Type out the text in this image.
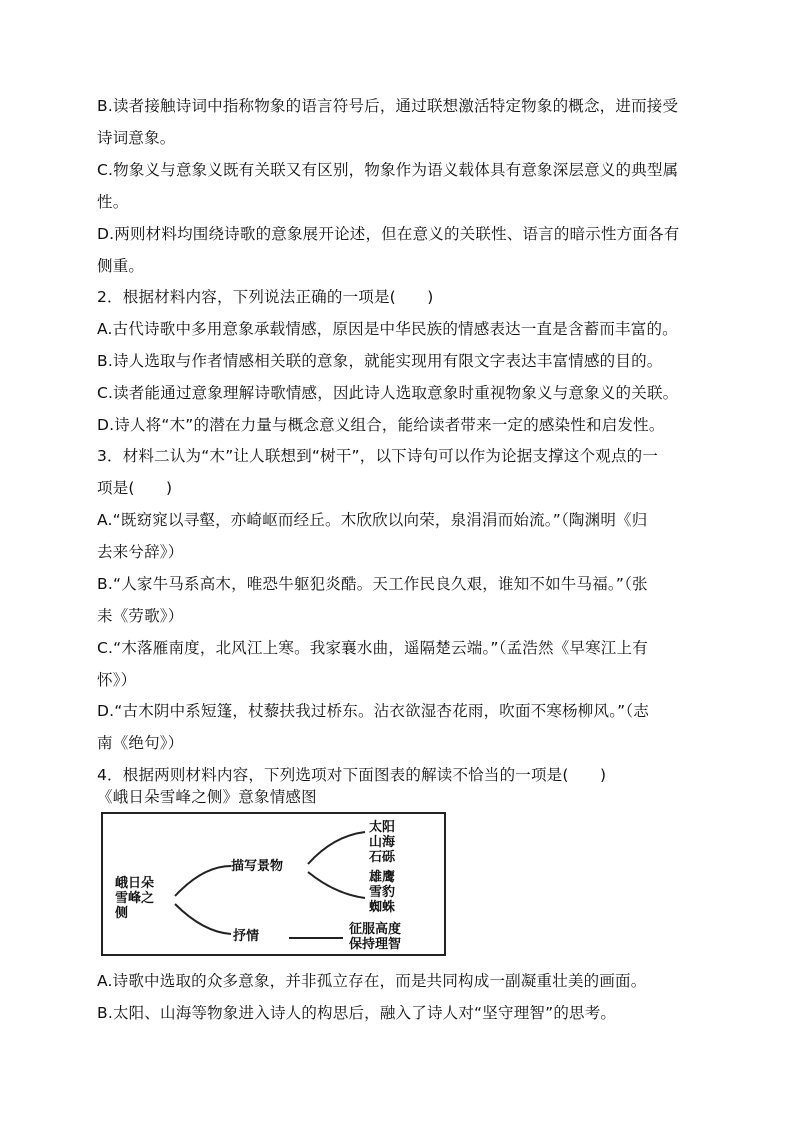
B.读者接触诗词中指称物象的语言符号后，通过联想激活特定物象的概念，进而接受
诗词意象。
C.物象义与意象义既有关联又有区别，物象作为语义载体具有意象深层意义的典型属
性。
D.两则材料均围绕诗歌的意象展开论述，但在意义的关联性、语言的暗示性方面各有
侧重。
2．根据材料内容，下列说法正确的一项是(　　)
A.古代诗歌中多用意象承载情感，原因是中华民族的情感表达一直是含蓄而丰富的。
B.诗人选取与作者情感相关联的意象，就能实现用有限文字表达丰富情感的目的。
C.读者能通过意象理解诗歌情感，因此诗人选取意象时重视物象义与意象义的关联。
D.诗人将“木”的潜在力量与概念意义组合，能给读者带来一定的感染性和启发性。
3．材料二认为“木”让人联想到“树干”，以下诗句可以作为论据支撑这个观点的一
项是(　　)
A.“既窈窕以寻壑，亦崎岖而经丘。木欣欣以向荣，泉涓涓而始流。”（陶渊明《归
去来兮辞》）
B.“人家牛马系高木，唯恐牛躯犯炎酷。天工作民良久艰，谁知不如牛马福。”（张
耒《劳歌》）
C.“木落雁南度，北风江上寒。我家襄水曲，遥隔楚云端。”（孟浩然《早寒江上有
怀》）
D.“古木阴中系短篷，杖藜扶我过桥东。沾衣欲湿杏花雨，吹面不寒杨柳风。”（志
南《绝句》）
4．根据两则材料内容，下列选项对下面图表的解读不恰当的一项是(　　)
《峨日朵雪峰之侧》意象情感图
峨日朵
雪峰之
侧
描写景物
抒情
太阳
山海
石砾
雄鹰
雪豹
蜘蛛
征服高度
保持理智
A.诗歌中选取的众多意象，并非孤立存在，而是共同构成一副凝重壮美的画面。
B.太阳、山海等物象进入诗人的构思后，融入了诗人对“坚守理智”的思考。
